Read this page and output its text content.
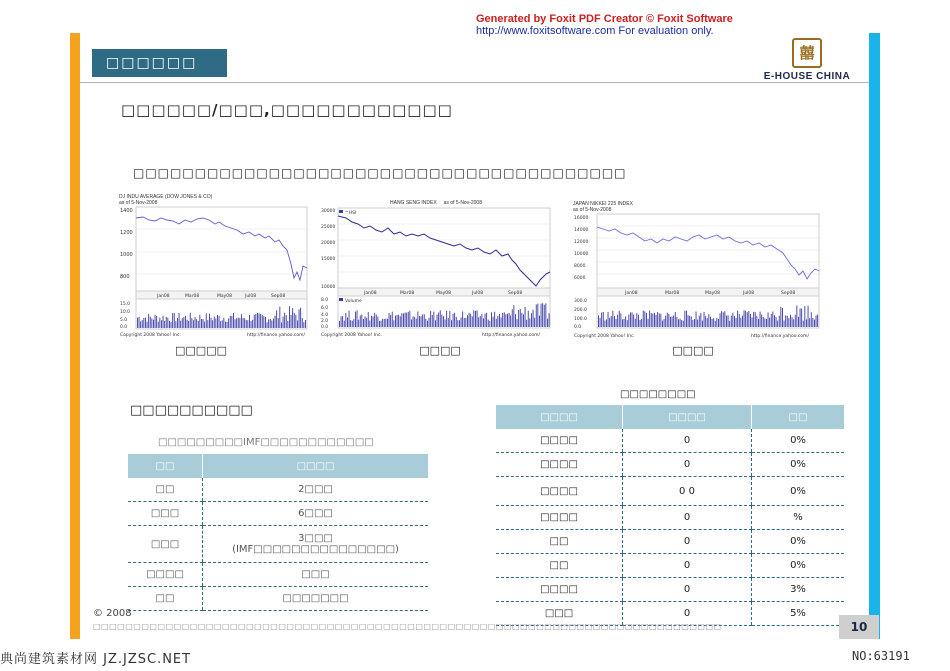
Generated by Foxit PDF Creator © Foxit Software
http://www.foxitsoftware.com For evaluation only.
□□□□□□
囍
E-HOUSE CHINA
□□□□□□/□□□,□□□□□□□□□□□□
□□□□□□□□□□□□□□□□□□□□□□□□□□□□□□□□□□□□□□□□
DJ INDU AVERAGE (DOW JONES & CO)
as of 5-Nov-2008
1400
1200
1000
800
Jan08	Mar08	May08	Jul08	Sep08
15.0
10.0
5.0
0.0
Copyright 2008 Yahoo! Inc.	http://finance.yahoo.com/
□□□□□
HANG SENG INDEX as of 5-Nov-2008
^HSI
30000
25000
20000
15000
10000
Jan08	Mar08	May08	Jul08	Sep08
Volume
8.0
6.0
4.0
2.0
0.0
Copyright 2008 Yahoo! Inc.	http://finance.yahoo.com/
□□□□
JAPAN NIKKEI 225 INDEX
as of 5-Nov-2008
16000
14000
12000
10000
8000
6000
Jan08	Mar08	May08	Jul08	Sep08
300.0
200.0
100.0
0.0
Copyright 2008 Yahoo! Inc.	http://finance.yahoo.com/
□□□□
□□□□□□□□□□
□□□□□□□□□IMF□□□□□□□□□□□□
□□	□□□□
□□	2□□□
□□□	6□□□
□□□	3□□□
(IMF□□□□□□□□□□□□□□□)

□□□□	□□□
□□	□□□□□□□
□□□□□□□□
□□□□	□□□□	□□
□□□□	0	0%
□□□□	0	0%
□□□□	0 0	0%
□□□□	0	%
□□	0	0%
□□	0	0%
□□□□	0	3%
□□□	0	5%
© 2008
□□□□□□□□□□□□□□□□□□□□□□□□□□□□□□□□□□□□□□□□□□□□□□□□□□□□□□□□□□□□□□□□□□□□□□□□□□□□□□	10
典尚建筑素材网 JZ.JZSC.NET	NO:63191
